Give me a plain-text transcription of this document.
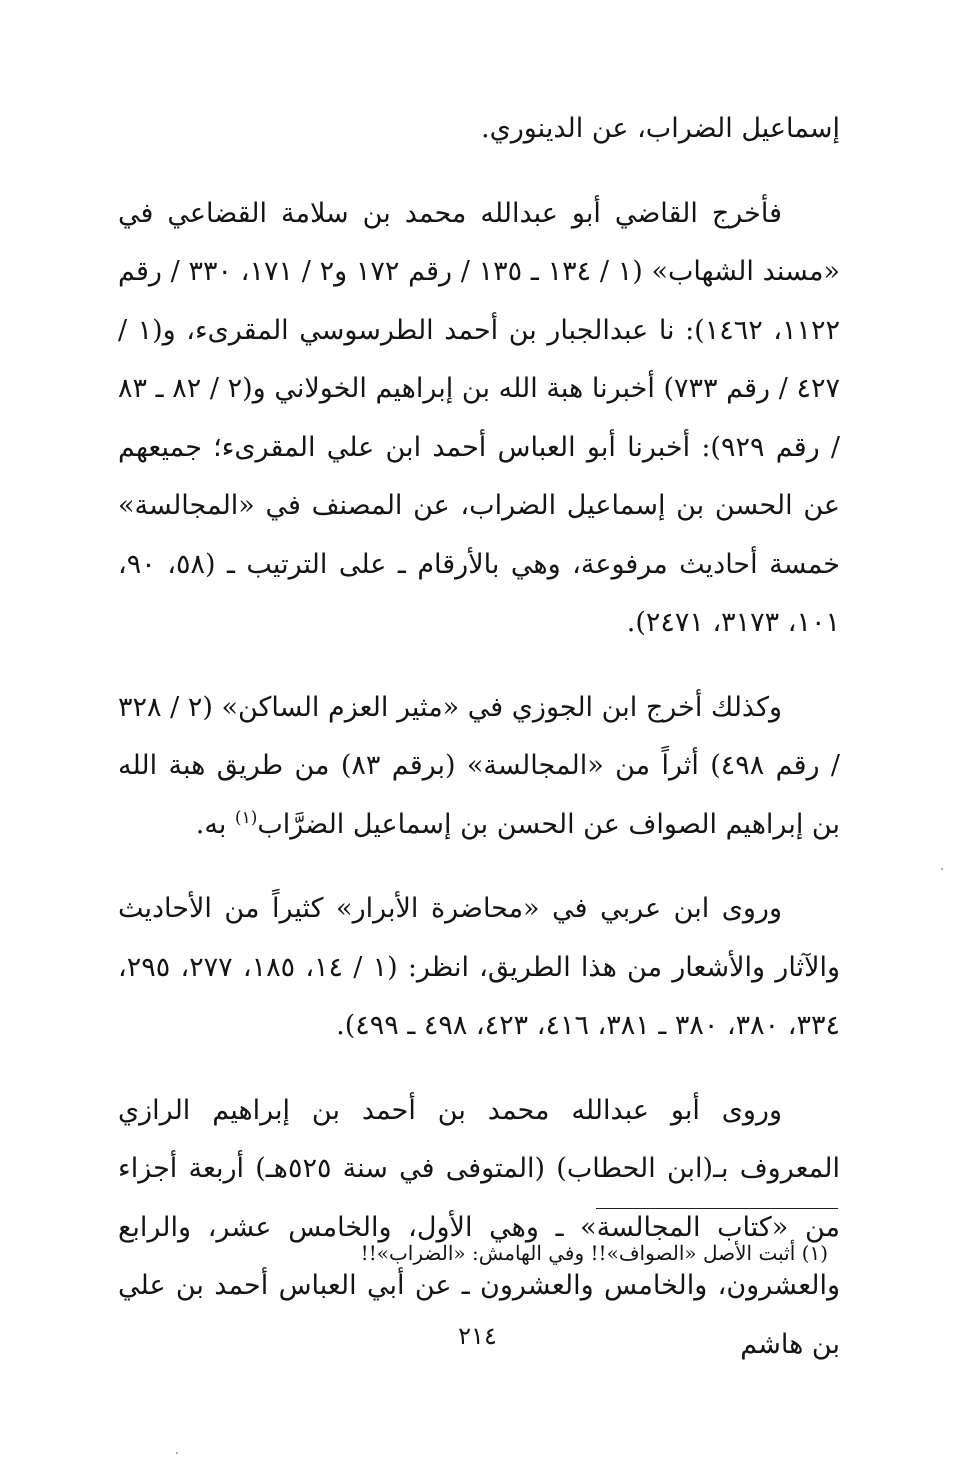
إسماعيل الضراب، عن الدينوري.

فأخرج القاضي أبو عبدالله محمد بن سلامة القضاعي في «مسند الشهاب» (١ / ١٣٤ ـ ١٣٥ / رقم ١٧٢ و٢ / ١٧١، ٣٣٠ / رقم ١١٢٢، ١٤٦٢): نا عبدالجبار بن أحمد الطرسوسي المقرىء، و(١ / ٤٢٧ / رقم ٧٣٣) أخبرنا هبة الله بن إبراهيم الخولاني و(٢ / ٨٢ ـ ٨٣ / رقم ٩٢٩): أخبرنا أبو العباس أحمد ابن علي المقرىء؛ جميعهم عن الحسن بن إسماعيل الضراب، عن المصنف في «المجالسة» خمسة أحاديث مرفوعة، وهي بالأرقام ـ على الترتيب ـ (٥٨، ٩٠، ١٠١، ٣١٧٣، ٢٤٧١).

وكذلك أخرج ابن الجوزي في «مثير العزم الساكن» (٢ / ٣٢٨ / رقم ٤٩٨) أثراً من «المجالسة» (برقم ٨٣) من طريق هبة الله بن إبراهيم الصواف عن الحسن بن إسماعيل الضرَّاب$^{(١)}$ به.

وروى ابن عربي في «محاضرة الأبرار» كثيراً من الأحاديث والآثار والأشعار من هذا الطريق، انظر: (١ / ١٤، ١٨٥، ٢٧٧، ٢٩٥، ٣٣٤، ٣٨٠، ٣٨٠ ـ ٣٨١، ٤١٦، ٤٢٣، ٤٩٨ ـ ٤٩٩).

وروى أبو عبدالله محمد بن أحمد بن إبراهيم الرازي المعروف بـ(ابن الحطاب) (المتوفى في سنة ٥٢٥هـ) أربعة أجزاء من «كتاب المجالسة» ـ وهي الأول، والخامس عشر، والرابع والعشرون، والخامس والعشرون ـ عن أبي العباس أحمد بن علي بن هاشم

(١) أثبت الأصل «الصواف»!! وفي الهامش: «الضراب»!!
٢١٤
